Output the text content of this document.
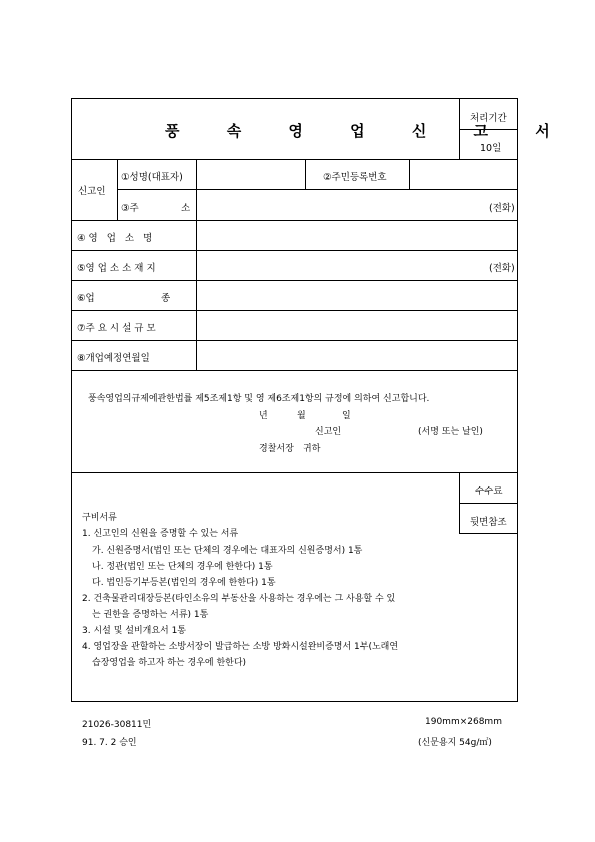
풍 속 영 업 신 고 서
처리기간
10일
신고인
①성명(대표자)	②주민등록번호
③주	소	(전화)
④영 업 소 명
⑤영 업 소 소 재 지	(전화)
⑥업	종
⑦주 요 시 설 규 모
⑧개업예정연월일
풍속영업의규제에관한법률 제5조제1항 및 영 제6조제1항의 규정에 의하여 신고합니다.
년	월	일
신고인	(서명 또는 날인)
경찰서장 귀하
수수료
뒷면참조
구비서류
1. 신고인의 신원을 증명할 수 있는 서류
가. 신원증명서(법인 또는 단체의 경우에는 대표자의 신원증명서) 1통
나. 정관(법인 또는 단체의 경우에 한한다) 1통
다. 법인등기부등본(법인의 경우에 한한다) 1통
2. 건축물관리대장등본(타인소유의 부동산을 사용하는 경우에는 그 사용할 수 있
는 권한을 증명하는 서류) 1통
3. 시설 및 설비개요서 1통
4. 영업장을 관할하는 소방서장이 발급하는 소방 방화시설완비증명서 1부(노래연
습장영업을 하고자 하는 경우에 한한다)
21026-30811민
91. 7. 2 승인
190mm×268mm
(신문용지 54g/㎡)
